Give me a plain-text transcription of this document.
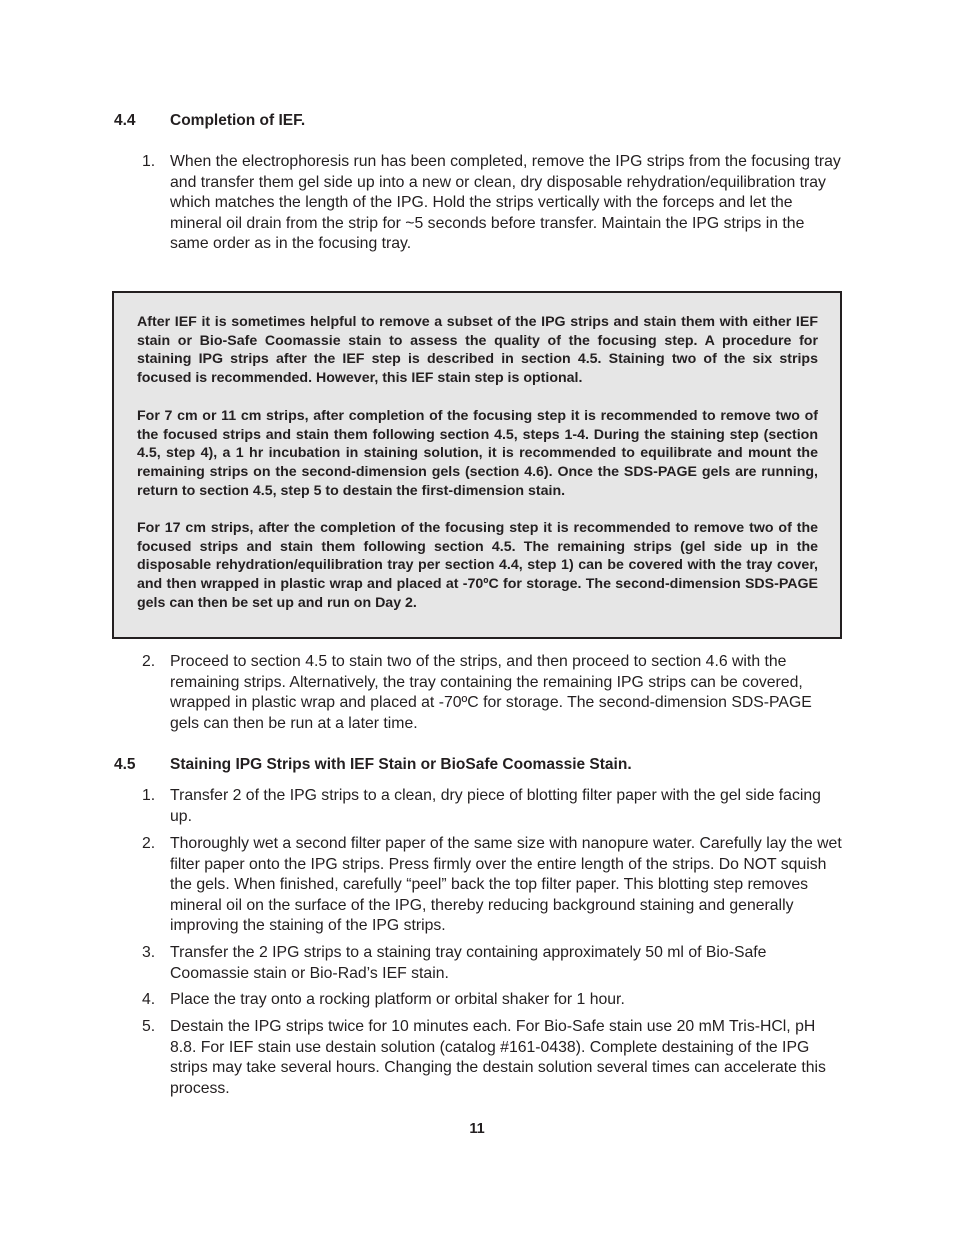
4.4 Completion of IEF.
1. When the electrophoresis run has been completed, remove the IPG strips from the focusing tray and transfer them gel side up into a new or clean, dry disposable rehydration/equilibration tray which matches the length of the IPG. Hold the strips vertically with the forceps and let the mineral oil drain from the strip for ~5 seconds before transfer. Maintain the IPG strips in the same order as in the focusing tray.
After IEF it is sometimes helpful to remove a subset of the IPG strips and stain them with either IEF stain or Bio-Safe Coomassie stain to assess the quality of the focusing step. A procedure for staining IPG strips after the IEF step is described in section 4.5. Staining two of the six strips focused is recommended. However, this IEF stain step is optional.
For 7 cm or 11 cm strips, after completion of the focusing step it is recommended to remove two of the focused strips and stain them following section 4.5, steps 1-4. During the staining step (section 4.5, step 4), a 1 hr incubation in staining solution, it is recommended to equilibrate and mount the remaining strips on the second-dimension gels (section 4.6). Once the SDS-PAGE gels are running, return to section 4.5, step 5 to destain the first-dimension stain.
For 17 cm strips, after the completion of the focusing step it is recommended to remove two of the focused strips and stain them following section 4.5. The remaining strips (gel side up in the disposable rehydration/equilibration tray per section 4.4, step 1) can be covered with the tray cover, and then wrapped in plastic wrap and placed at -70ºC for storage. The second-dimension SDS-PAGE gels can then be set up and run on Day 2.
2. Proceed to section 4.5 to stain two of the strips, and then proceed to section 4.6 with the remaining strips. Alternatively, the tray containing the remaining IPG strips can be covered, wrapped in plastic wrap and placed at -70ºC for storage. The second-dimension SDS-PAGE gels can then be run at a later time.
4.5 Staining IPG Strips with IEF Stain or BioSafe Coomassie Stain.
1. Transfer 2 of the IPG strips to a clean, dry piece of blotting filter paper with the gel side facing up.
2. Thoroughly wet a second filter paper of the same size with nanopure water. Carefully lay the wet filter paper onto the IPG strips. Press firmly over the entire length of the strips. Do NOT squish the gels. When finished, carefully “peel” back the top filter paper. This blotting step removes mineral oil on the surface of the IPG, thereby reducing background staining and generally improving the staining of the IPG strips.
3. Transfer the 2 IPG strips to a staining tray containing approximately 50 ml of Bio-Safe Coomassie stain or Bio-Rad’s IEF stain.
4. Place the tray onto a rocking platform or orbital shaker for 1 hour.
5. Destain the IPG strips twice for 10 minutes each. For Bio-Safe stain use 20 mM Tris-HCl, pH 8.8. For IEF stain use destain solution (catalog #161-0438). Complete destaining of the IPG strips may take several hours. Changing the destain solution several times can accelerate this process.
11
